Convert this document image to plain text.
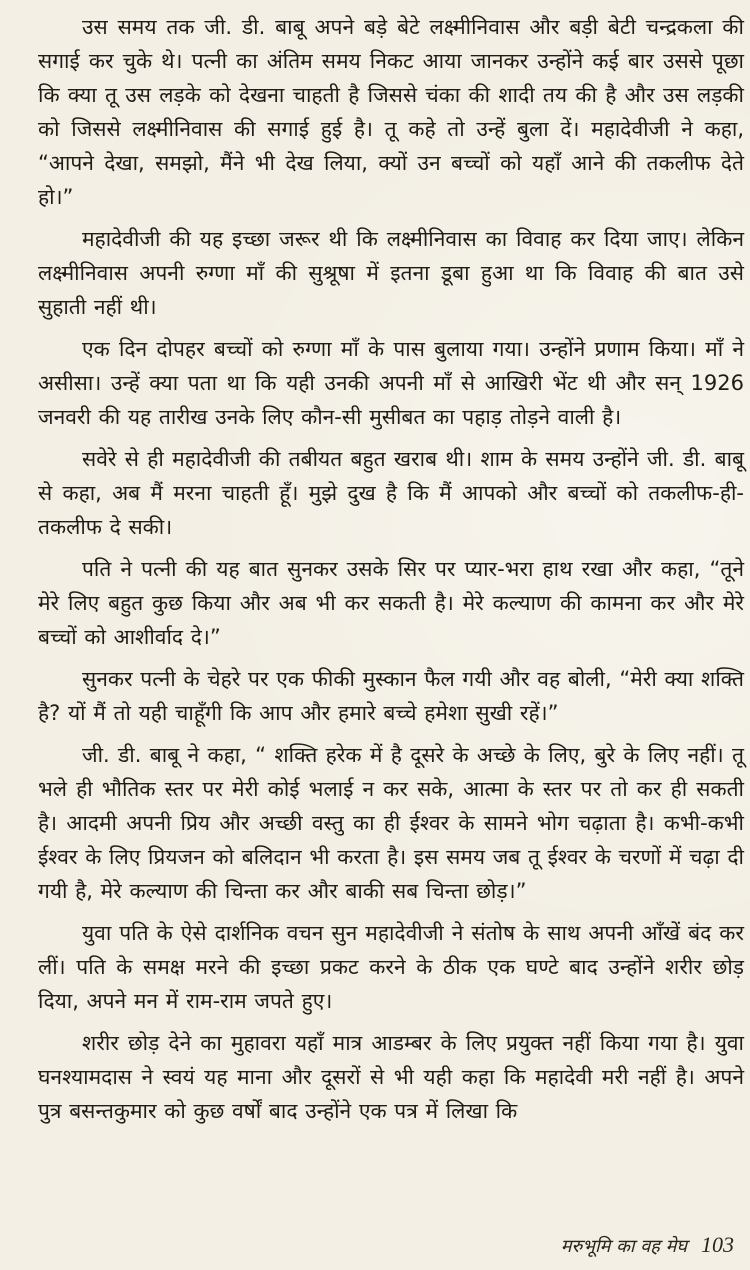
उस समय तक जी. डी. बाबू अपने बड़े बेटे लक्ष्मीनिवास और बड़ी बेटी चन्द्रकला की सगाई कर चुके थे। पत्नी का अंतिम समय निकट आया जानकर उन्होंने कई बार उससे पूछा कि क्या तू उस लड़के को देखना चाहती है जिससे चंका की शादी तय की है और उस लड़की को जिससे लक्ष्मीनिवास की सगाई हुई है। तू कहे तो उन्हें बुला दें। महादेवीजी ने कहा, “आपने देखा, समझो, मैंने भी देख लिया, क्यों उन बच्चों को यहाँ आने की तकलीफ देते हो।”

महादेवीजी की यह इच्छा जरूर थी कि लक्ष्मीनिवास का विवाह कर दिया जाए। लेकिन लक्ष्मीनिवास अपनी रुग्णा माँ की सुश्रूषा में इतना डूबा हुआ था कि विवाह की बात उसे सुहाती नहीं थी।

एक दिन दोपहर बच्चों को रुग्णा माँ के पास बुलाया गया। उन्होंने प्रणाम किया। माँ ने असीसा। उन्हें क्या पता था कि यही उनकी अपनी माँ से आखिरी भेंट थी और सन् 1926 जनवरी की यह तारीख उनके लिए कौन-सी मुसीबत का पहाड़ तोड़ने वाली है।

सवेरे से ही महादेवीजी की तबीयत बहुत खराब थी। शाम के समय उन्होंने जी. डी. बाबू से कहा, अब मैं मरना चाहती हूँ। मुझे दुख है कि मैं आपको और बच्चों को तकलीफ-ही-तकलीफ दे सकी।

पति ने पत्नी की यह बात सुनकर उसके सिर पर प्यार-भरा हाथ रखा और कहा, “तूने मेरे लिए बहुत कुछ किया और अब भी कर सकती है। मेरे कल्याण की कामना कर और मेरे बच्चों को आशीर्वाद दे।”

सुनकर पत्नी के चेहरे पर एक फीकी मुस्कान फैल गयी और वह बोली, “मेरी क्या शक्ति है? यों मैं तो यही चाहूँगी कि आप और हमारे बच्चे हमेशा सुखी रहें।”

जी. डी. बाबू ने कहा, “ शक्ति हरेक में है दूसरे के अच्छे के लिए, बुरे के लिए नहीं। तू भले ही भौतिक स्तर पर मेरी कोई भलाई न कर सके, आत्मा के स्तर पर तो कर ही सकती है। आदमी अपनी प्रिय और अच्छी वस्तु का ही ईश्वर के सामने भोग चढ़ाता है। कभी-कभी ईश्वर के लिए प्रियजन को बलिदान भी करता है। इस समय जब तू ईश्वर के चरणों में चढ़ा दी गयी है, मेरे कल्याण की चिन्ता कर और बाकी सब चिन्ता छोड़।”

युवा पति के ऐसे दार्शनिक वचन सुन महादेवीजी ने संतोष के साथ अपनी आँखें बंद कर लीं। पति के समक्ष मरने की इच्छा प्रकट करने के ठीक एक घण्टे बाद उन्होंने शरीर छोड़ दिया, अपने मन में राम-राम जपते हुए।

शरीर छोड़ देने का मुहावरा यहाँ मात्र आडम्बर के लिए प्रयुक्त नहीं किया गया है। युवा घनश्यामदास ने स्वयं यह माना और दूसरों से भी यही कहा कि महादेवी मरी नहीं है। अपने पुत्र बसन्तकुमार को कुछ वर्षों बाद उन्होंने एक पत्र में लिखा कि

मरुभूमि का वह मेघ 103
